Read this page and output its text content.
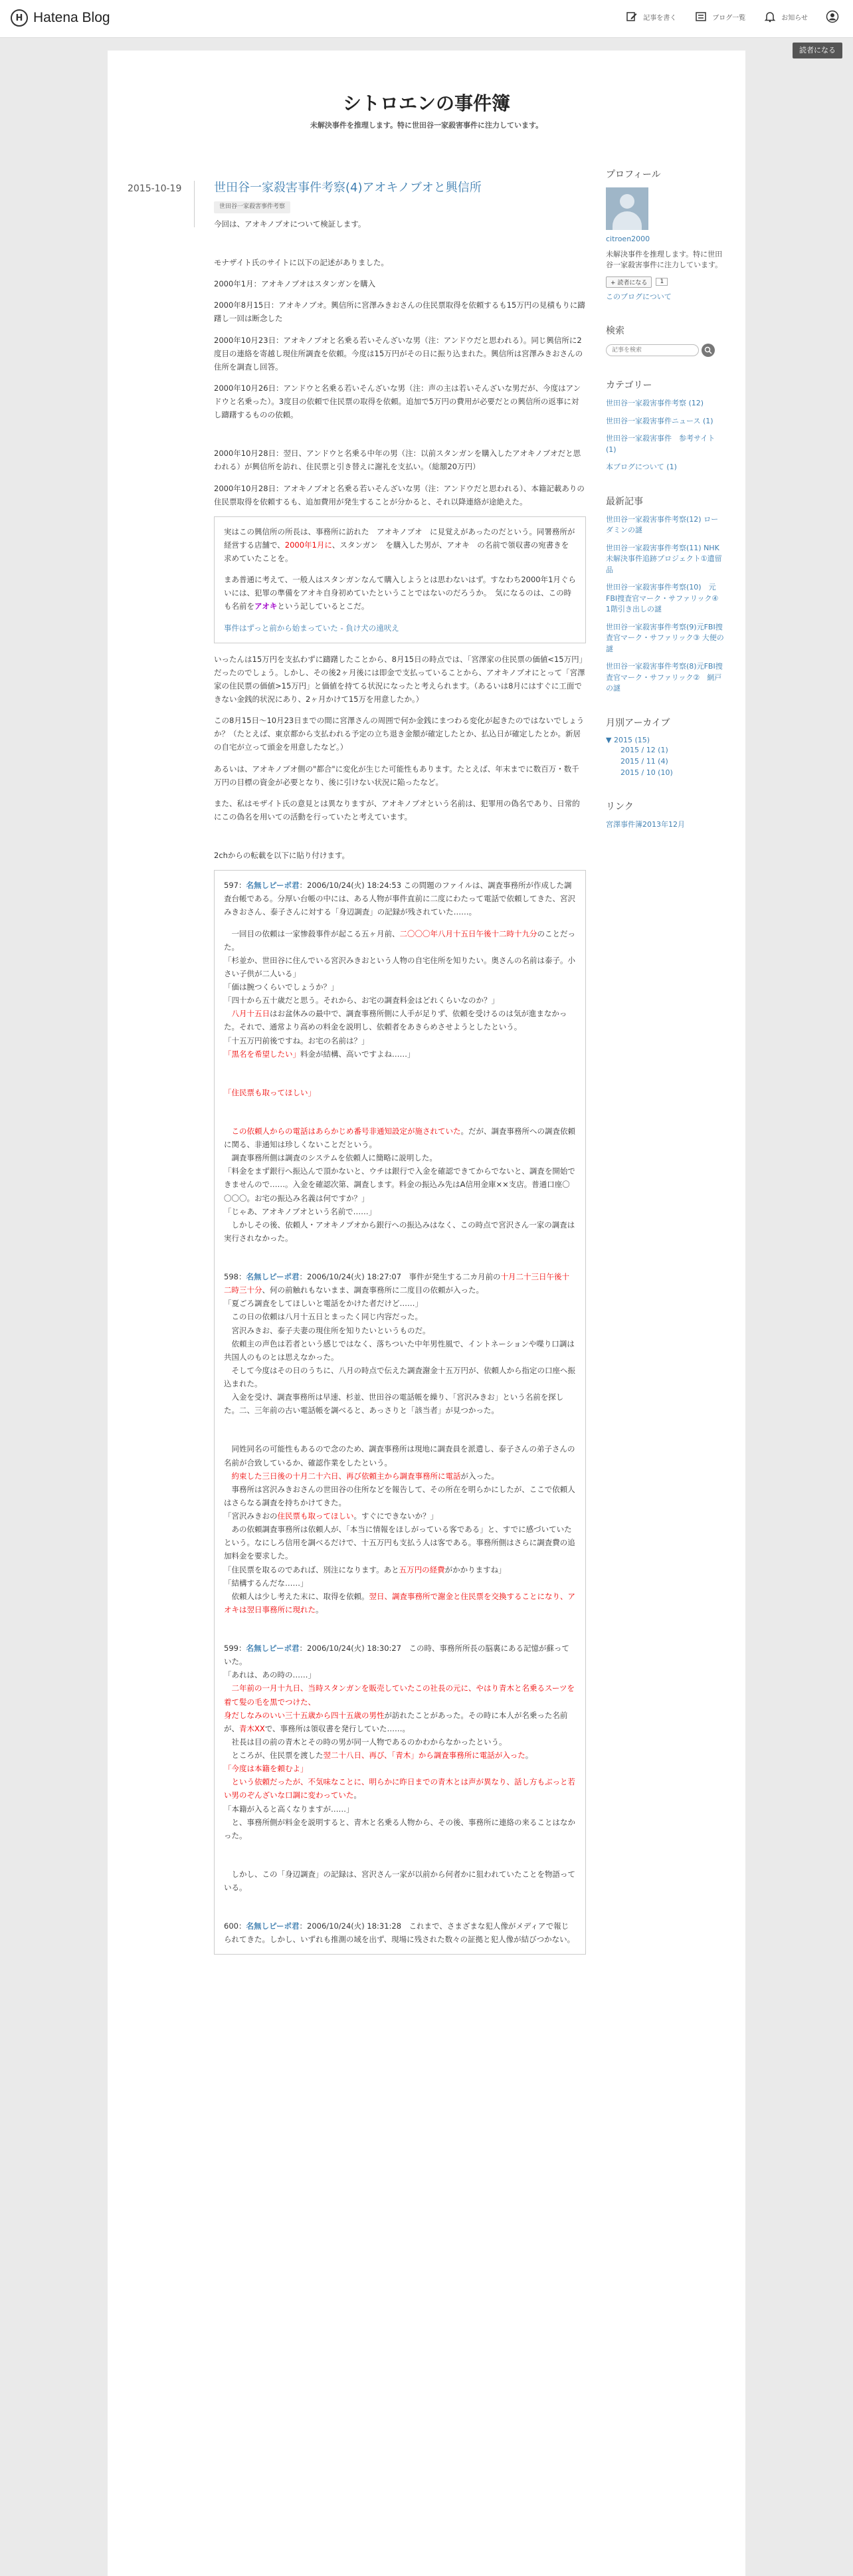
H Hatena Blog	記事を書く	ブログ一覧	お知らせ
読者になる
シトロエンの事件簿
未解決事件を推理します。特に世田谷一家殺害事件に注力しています。
2015-10-19	世田谷一家殺害事件考察(4)アオキノブオと興信所
世田谷一家殺害事件考察

今回は、アオキノブオについて検証します。

モナザイト氏のサイトに以下の記述がありました。

2000年1月：アオキノブオはスタンガンを購入

2000年8月15日：アオキノブオ。興信所に宮澤みきおさんの住民票取得を依頼するも15万円の見積もりに躊躇し一回は断念した

2000年10月23日：アオキノブオと名乗る若いそんざいな男（注：アンドウだと思われる）。同じ興信所に2度目の連絡を寄越し現住所調査を依頼。今度は15万円がその日に振り込まれた。興信所は宮澤みきおさんの住所を調査し回答。

2000年10月26日：アンドウと名乗る若いそんざいな男（注：声の主は若いそんざいな男だが、今度はアンドウと名乗った）。3度目の依頼で住民票の取得を依頼。追加で5万円の費用が必要だとの興信所の返事に対し躊躇するものの依頼。

2000年10月28日：翌日、アンドウと名乗る中年の男（注：以前スタンガンを購入したアオキノブオだと思われる）が興信所を訪れ、住民票と引き替えに謝礼を支払い。（総額20万円）

2000年10月28日：アオキノブオと名乗る若いそんざいな男（注：アンドウだと思われる）、本籍記載ありの住民票取得を依頼するも、追加費用が発生することが分かると、それ以降連絡が途絶えた。

実はこの興信所の所長は、事務所に訪れた　アオキノブオ　に見覚えがあったのだという。同署務所が経営する店舗で、2000年1月に、スタンガン　を購入した男が、アオキ　の名前で領収書の宛書きを求めていたことを。

まあ普通に考えて、一般人はスタンガンなんて購入しようとは思わないはず。すなわち2000年1月ぐらいには、犯罪の準備をアオキ自身初めていたということではないのだろうか。　気になるのは、この時も名前をアオキという記しているとこだ。

事件はずっと前から始まっていた - 負け犬の遠吠え

いったんは15万円を支払わずに躊躇したことから、8月15日の時点では、「宮澤家の住民票の価値<15万円」だったのでしょう。しかし、その後2ヶ月後には即金で支払っていることから、アオキノブオにとって「宮澤家の住民票の価値>15万円」と価値を持てる状況になったと考えられます。（あるいは8月にはすぐに工面できない金銭的状況にあり、2ヶ月かけて15万を用意したか。）

この8月15日〜10月23日までの間に宮澤さんの周囲で何か金銭にまつわる変化が起きたのではないでしょうか？（たとえば、東京都から支払われる予定の立ち退き金額が確定したとか、払込日が確定したとか。新居の自宅が立って頭金を用意したなど。）

あるいは、アオキノブオ側の"都合"に変化が生じた可能性もあります。たとえば、年末までに数百万・数千万円の目標の資金が必要となり、後に引けない状況に陥ったなど。

また、私はモザイト氏の意見とは異なりますが、アオキノブオという名前は、犯罪用の偽名であり、日常的にこの偽名を用いての活動を行っていたと考えています。

2chからの転載を以下に貼り付けます。

597：名無しピーポ君：2006/10/24(火) 18:24:53 この問題のファイルは、調査事務所が作成した調査台帳である。分厚い台帳の中には、ある人物が事件直前に二度にわたって電話で依頼してきた、宮沢みきおさん、泰子さんに対する「身辺調査」の記録が残されていた……。

　一回目の依頼は一家惨殺事件が起こる五ヶ月前、二〇〇〇年八月十五日午後十二時十九分のことだった。
「杉並か、世田谷に住んでいる宮沢みきおという人物の自宅住所を知りたい。奥さんの名前は泰子。小さい子供が二人いる」
「価は腕つくらいでしょうか？」
「四十から五十歳だと思う。それから、お宅の調査料金はどれくらいなのか？」
　八月十五日はお盆休みの最中で、調査事務所側に人手が足りず、依頼を受けるのは気が進まなかった。それで、通常より高めの料金を説明し、依頼者をあきらめさせようとしたという。
「十五万円前後ですね。お宅の名前は？」
「黒名を希望したい」料金が結構、高いですよね……」

「住民票も取ってほしい」

　この依頼人からの電話はあらかじめ番号非通知設定が施されていた。だが、調査事務所への調査依頼に関る、非通知は珍しくないことだという。
　調査事務所側は調査のシステムを依頼人に簡略に説明した。
「料金をまず銀行へ振込んで頂かないと、ウチは銀行で入金を確認できてからでないと、調査を開始できませんので……。入金を確認次第、調査します。料金の振込み先はA信用金庫××支店。普通口座〇〇〇〇。お宅の振込み名義は何ですか？」
「じゃあ、アオキノブオという名前で……」
　しかしその後、依頼人・アオキノブオから銀行への振込みはなく、この時点で宮沢さん一家の調査は実行されなかった。

598：名無しピーポ君：2006/10/24(火) 18:27:07　 事件が発生する二カ月前の十月二十三日午後十二時三十分、何の前触れもないまま、調査事務所に二度目の依頼が入った。
「夏ごろ調査をしてほしいと電話をかけた者だけど……」
　この日の依頼は八月十五日とまったく同じ内容だった。
　宮沢みきお、泰子夫妻の現住所を知りたいというものだ。
　依頼主の声色は若者という感じではなく、落ちついた中年男性風で、イントネーションや喋り口調は共国人のものとは思えなかった。
　そして今度はその日のうちに、八月の時点で伝えた調査謝金十五万円が、依頼人から指定の口座へ振込まれた。
　入金を受け、調査事務所は早速、杉並、世田谷の電話帳を繰り、「宮沢みきお」という名前を探した。二、三年前の古い電話帳を調べると、あっさりと「該当者」が見つかった。

　同姓同名の可能性もあるので念のため、調査事務所は現地に調査員を派遣し、泰子さんの弟子さんの名前が合致しているか、確認作業をしたという。
　約束した三日後の十月二十六日、再び依頼主から調査事務所に電話が入った。
　事務所は宮沢みきおさんの世田谷の住所などを報告して、その所在を明らかにしたが、ここで依頼人はさらなる調査を持ちかけてきた。
「宮沢みきおの住民票も取ってほしい。すぐにできないか？」
　あの依頼調査事務所は依頼人が、「本当に情報をほしがっている客である」と、すでに感づいていたという。なにしろ信用を調べるだけで、十五万円も支払う人は客である。事務所側はさらに調査費の追加料金を要求した。
「住民票を取るのであれば、別注になります。あと五万円の経費がかかりますね」
「結構するんだな……」
　依頼人は少し考えた末に、取得を依頼。翌日、調査事務所で謝金と住民票を交換することになり、アオキは翌日事務所に現れた。

599：名無しピーポ君：2006/10/24(火) 18:30:27　 この時、事務所所長の脳裏にある記憶が蘇っていた。
「あれは、あの時の……」
　二年前の一月十九日、当時スタンガンを販売していたこの社長の元に、やはり青木と名乗るスーツを着て髪の毛を黒でつけた、
身だしなみのいい三十五歳から四十五歳の男性が訪れたことがあった。その時に本人が名乗った名前が、青木XXで、事務所は領収書を発行していた……。
　社長は目の前の青木とその時の男が同一人物であるのかわからなかったという。
　ところが、住民票を渡した翌二十八日、再び、「青木」から調査事務所に電話が入った。
「今度は本籍を頼むよ」
　という依頼だったが、不気味なことに、明らかに昨日までの青木とは声が異なり、話し方もぶっと若い男のぞんざいな口調に変わっていた。
「本籍が入ると高くなりますが……」
　と、事務所側が料金を説明すると、青木と名乗る人物から、その後、事務所に連絡の来ることはなかった。

　しかし、この「身辺調査」の記録は、宮沢さん一家が以前から何者かに狙われていたことを物語っている。

600：名無しピーポ君：2006/10/24(火) 18:31:28　 これまで、さまざまな犯人像がメディアで報じられてきた。しかし、いずれも推測の域を出ず、現場に残された数々の証拠と犯人像が結びつかない。

プロフィール
citroen2000
未解決事件を推理します。特に世田谷一家殺害事件に注力しています。
+ 読者になる	1
このブログについて
検索
記事を検索
カテゴリー
世田谷一家殺害事件考察 (12)
世田谷一家殺害事件ニュース (1)
世田谷一家殺害事件　参考サイト (1)
本ブログについて (1)
最新記事
世田谷一家殺害事件考察(12) ローダミンの謎
世田谷一家殺害事件考察(11) NHK未解決事件追跡プロジェクト①遺留品
世田谷一家殺害事件考察(10)　元FBI捜査官マーク・サファリック④　1階引き出しの謎
世田谷一家殺害事件考察(9)元FBI捜査官マーク・サファリック③ 大便の謎
世田谷一家殺害事件考察(8)元FBI捜査官マーク・サファリック②　網戸の謎
月別アーカイブ
▼ 2015 (15)
2015 / 12 (1)
2015 / 11 (4)
2015 / 10 (10)
リンク
宮澤事件簿2013年12月
